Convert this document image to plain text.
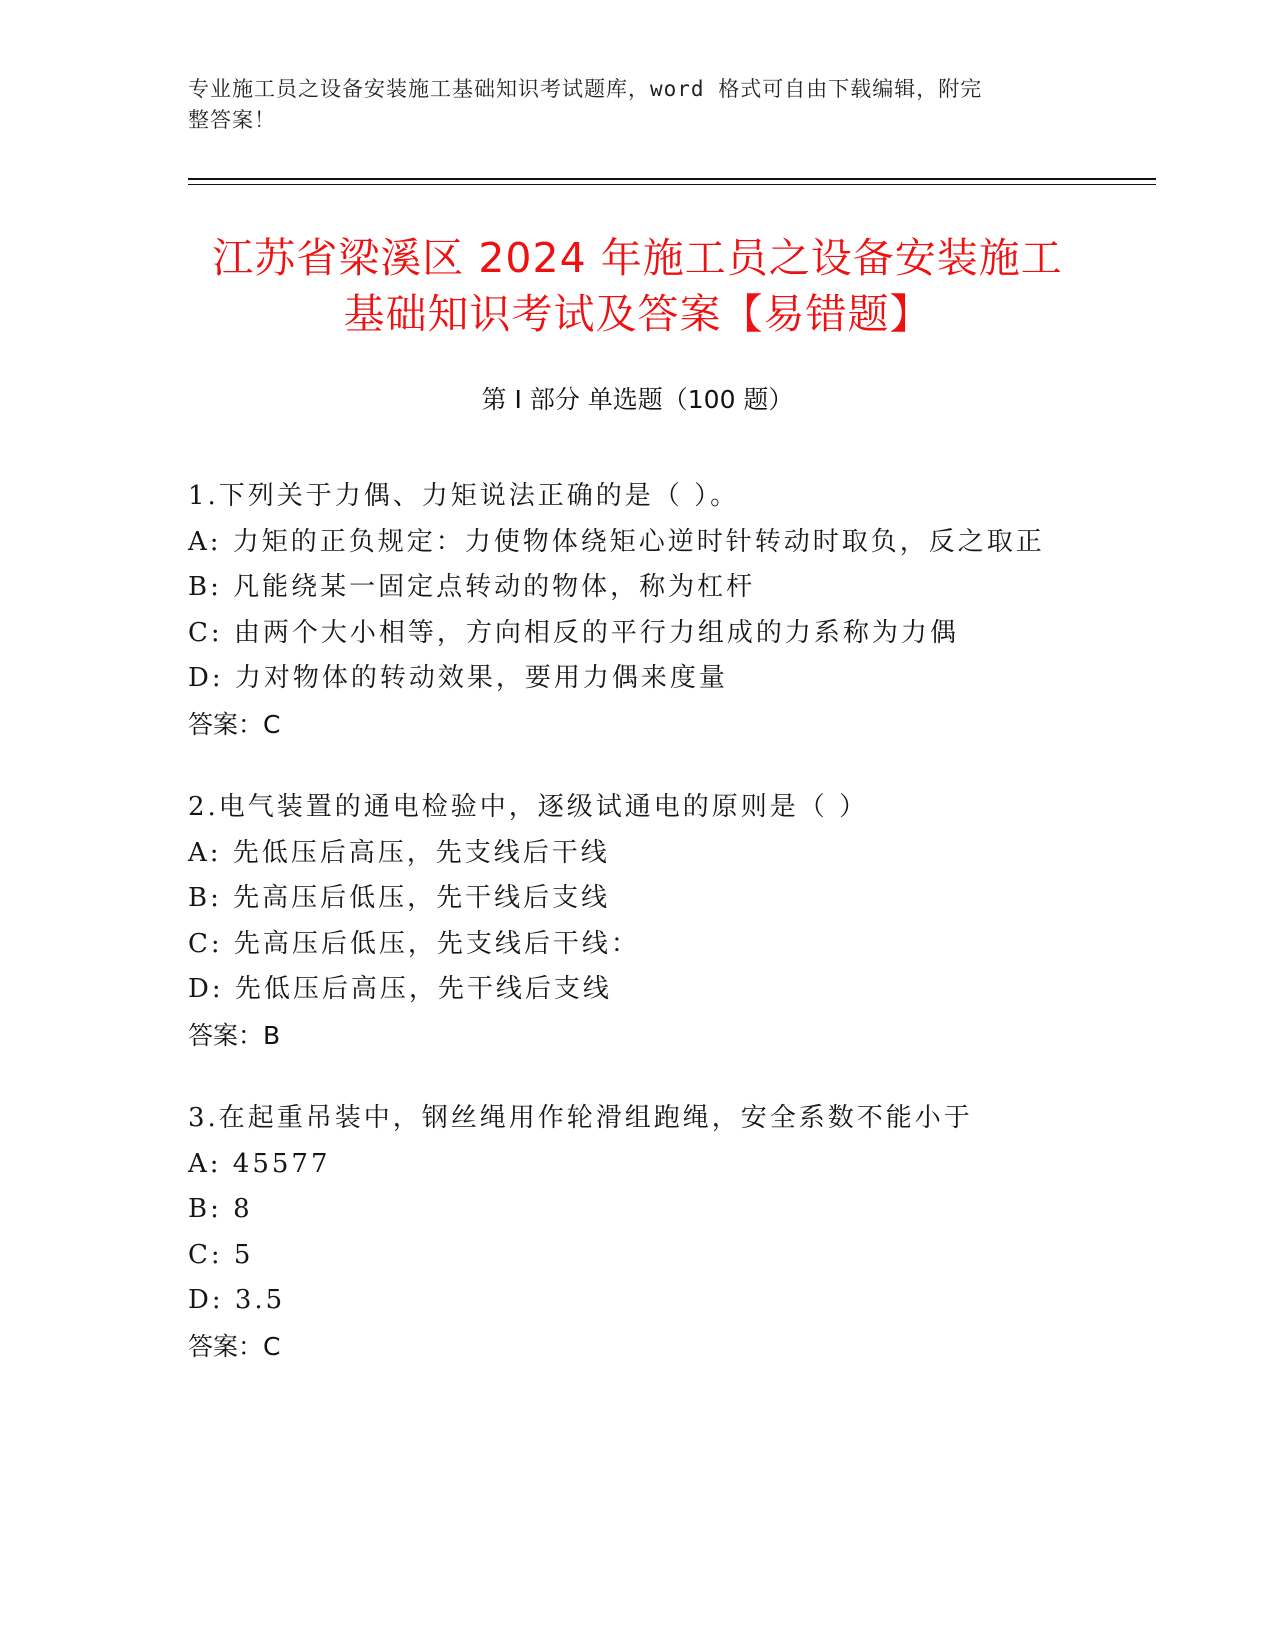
专业施工员之设备安装施工基础知识考试题库，word 格式可自由下载编辑，附完
整答案！
江苏省梁溪区 2024 年施工员之设备安装施工
基础知识考试及答案【易错题】
第 I 部分 单选题（100 题）
1.下列关于力偶、力矩说法正确的是（ ）。
A: 力矩的正负规定：力使物体绕矩心逆时针转动时取负，反之取正
B: 凡能绕某一固定点转动的物体，称为杠杆
C: 由两个大小相等，方向相反的平行力组成的力系称为力偶
D: 力对物体的转动效果，要用力偶来度量
答案：C
2.电气装置的通电检验中，逐级试通电的原则是（ ）
A: 先低压后高压，先支线后干线
B: 先高压后低压，先干线后支线
C: 先高压后低压，先支线后干线：
D: 先低压后高压，先干线后支线
答案：B
3.在起重吊装中，钢丝绳用作轮滑组跑绳，安全系数不能小于
A: 45577
B: 8
C: 5
D: 3.5
答案：C
